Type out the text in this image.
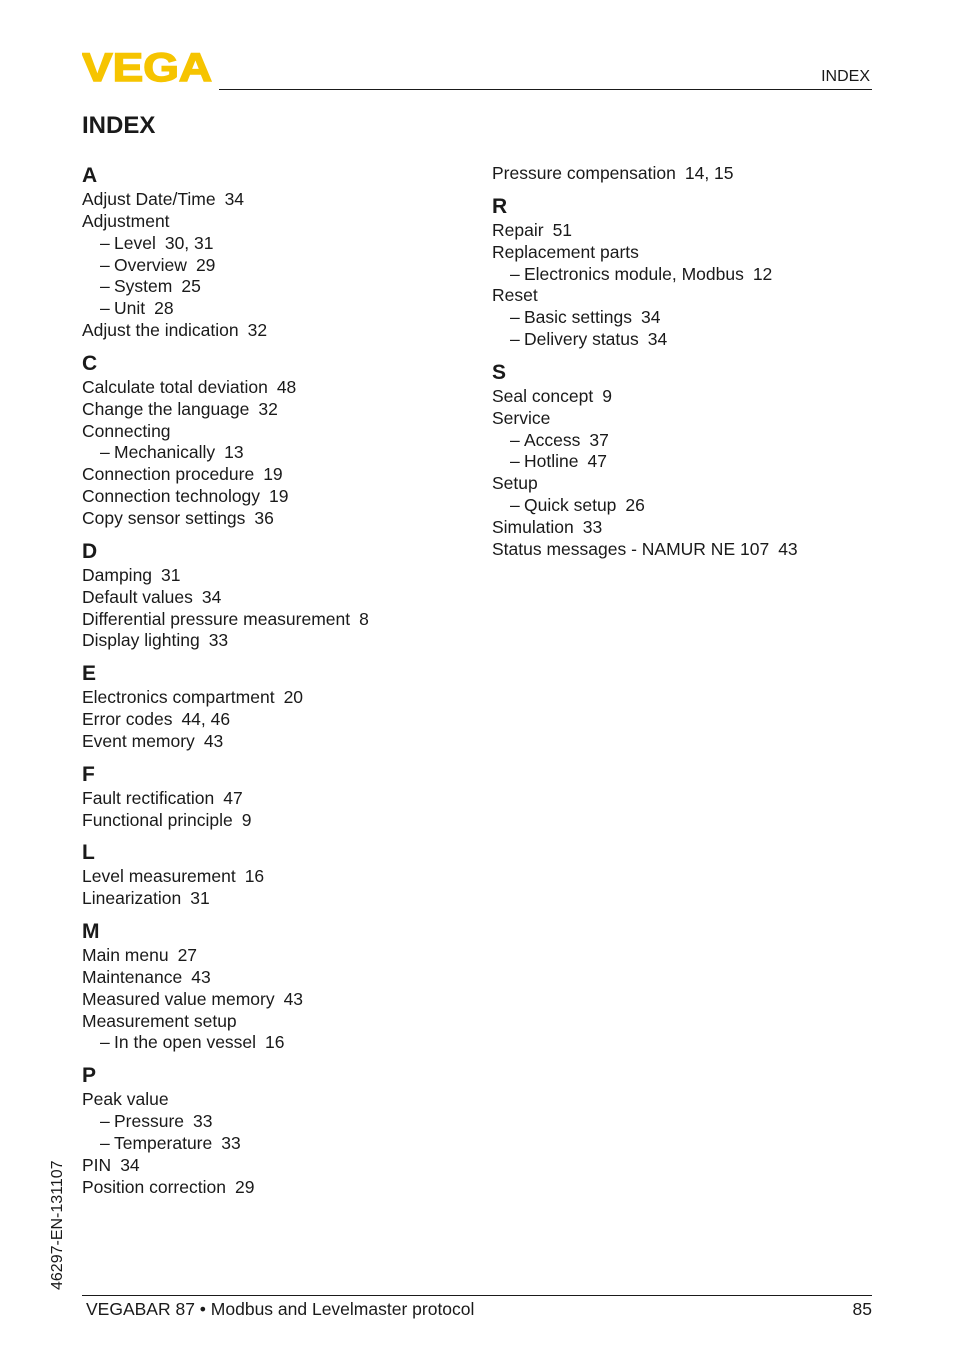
VEGA	INDEX
INDEX
A
Adjust Date/Time 34
Adjustment
– Level 30, 31
– Overview 29
– System 25
– Unit 28
Adjust the indication 32
C
Calculate total deviation 48
Change the language 32
Connecting
– Mechanically 13
Connection procedure 19
Connection technology 19
Copy sensor settings 36
D
Damping 31
Default values 34
Differential pressure measurement 8
Display lighting 33
E
Electronics compartment 20
Error codes 44, 46
Event memory 43
F
Fault rectification 47
Functional principle 9
L
Level measurement 16
Linearization 31
M
Main menu 27
Maintenance 43
Measured value memory 43
Measurement setup
– In the open vessel 16
P
Peak value
– Pressure 33
– Temperature 33
PIN 34
Position correction 29
Pressure compensation 14, 15
R
Repair 51
Replacement parts
– Electronics module, Modbus 12
Reset
– Basic settings 34
– Delivery status 34
S
Seal concept 9
Service
– Access 37
– Hotline 47
Setup
– Quick setup 26
Simulation 33
Status messages - NAMUR NE 107 43
46297-EN-131107
VEGABAR 87 • Modbus and Levelmaster protocol	85
